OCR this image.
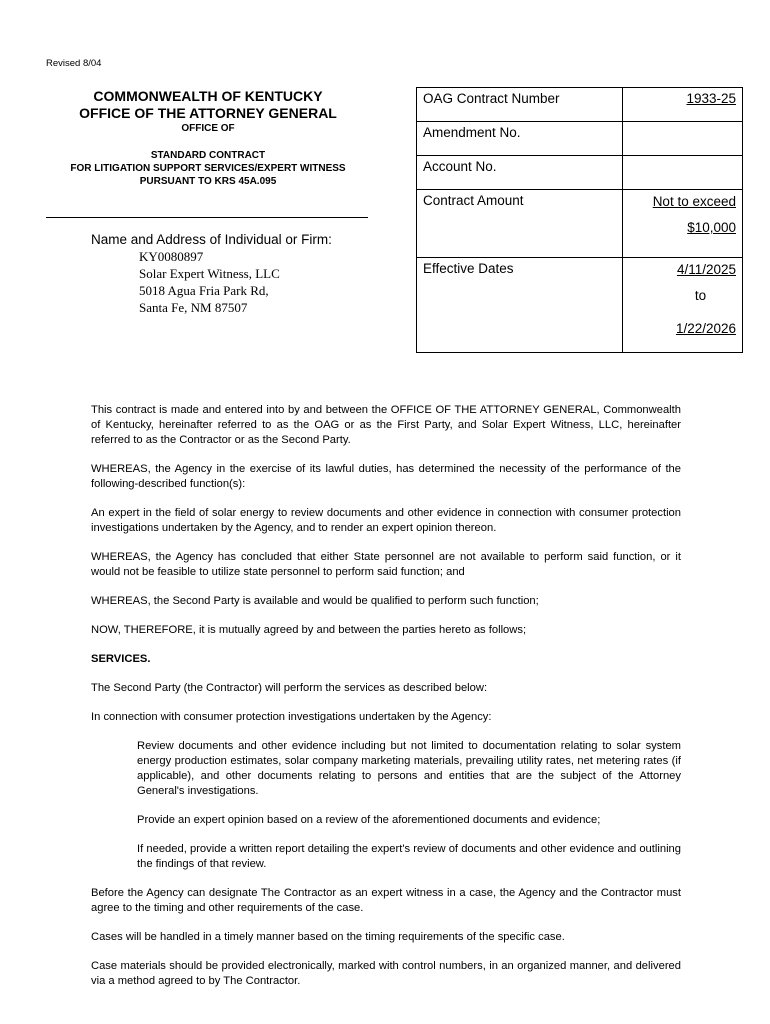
Revised 8/04
COMMONWEALTH OF KENTUCKY
OFFICE OF THE ATTORNEY GENERAL
OFFICE OF
STANDARD CONTRACT
FOR LITIGATION SUPPORT SERVICES/EXPERT WITNESS
PURSUANT TO KRS 45A.095
Name and Address of Individual or Firm:
KY0080897
Solar Expert Witness, LLC
5018 Agua Fria Park Rd,
Santa Fe, NM 87507
OAG Contract Number	1933-25
Amendment No.	
Account No.	
Contract Amount	Not to exceed
$10,000

Effective Dates	4/11/2025
to
1/22/2026

This contract is made and entered into by and between the OFFICE OF THE ATTORNEY GENERAL, Commonwealth of Kentucky, hereinafter referred to as the OAG or as the First Party, and Solar Expert Witness, LLC, hereinafter referred to as the Contractor or as the Second Party.

WHEREAS, the Agency in the exercise of its lawful duties, has determined the necessity of the performance of the following-described function(s):

An expert in the field of solar energy to review documents and other evidence in connection with consumer protection investigations undertaken by the Agency, and to render an expert opinion thereon.

WHEREAS, the Agency has concluded that either State personnel are not available to perform said function, or it would not be feasible to utilize state personnel to perform said function; and

WHEREAS, the Second Party is available and would be qualified to perform such function;

NOW, THEREFORE, it is mutually agreed by and between the parties hereto as follows;

SERVICES.

The Second Party (the Contractor) will perform the services as described below:

In connection with consumer protection investigations undertaken by the Agency:

Review documents and other evidence including but not limited to documentation relating to solar system energy production estimates, solar company marketing materials, prevailing utility rates, net metering rates (if applicable), and other documents relating to persons and entities that are the subject of the Attorney General's investigations.

Provide an expert opinion based on a review of the aforementioned documents and evidence;

If needed, provide a written report detailing the expert's review of documents and other evidence and outlining the findings of that review.

Before the Agency can designate The Contractor as an expert witness in a case, the Agency and the Contractor must agree to the timing and other requirements of the case.

Cases will be handled in a timely manner based on the timing requirements of the specific case.

Case materials should be provided electronically, marked with control numbers, in an organized manner, and delivered via a method agreed to by The Contractor.
